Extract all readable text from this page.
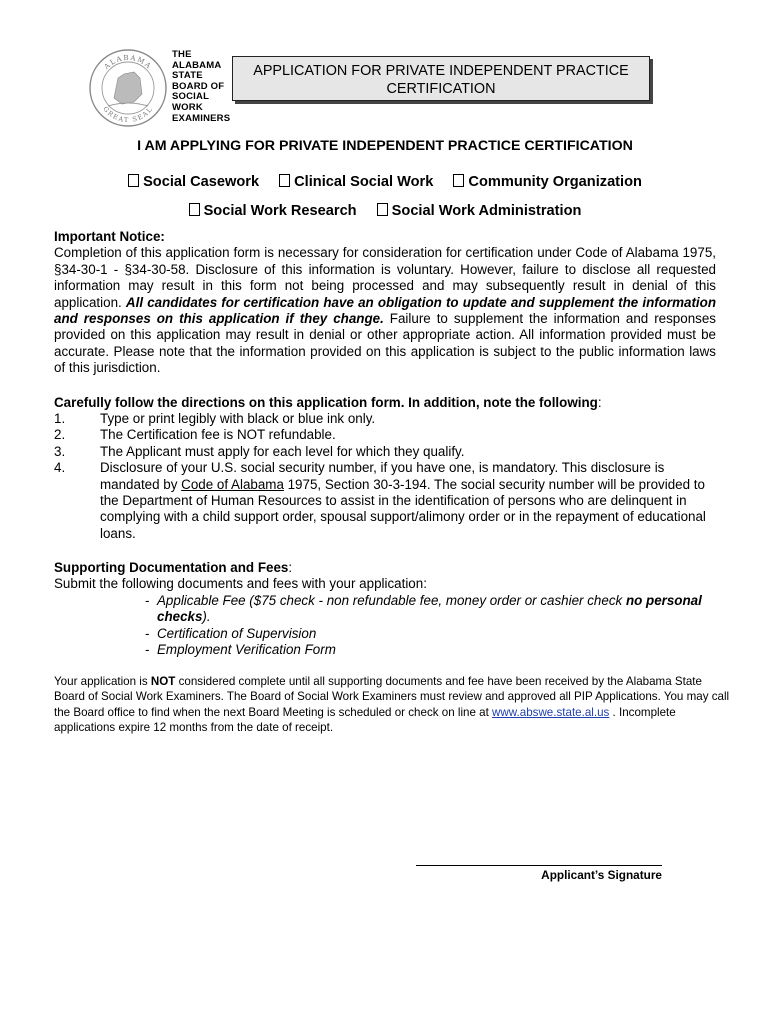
ALABAMA
GREAT SEAL
THE
ALABAMA
STATE
BOARD OF
SOCIAL
WORK
EXAMINERS
APPLICATION FOR PRIVATE INDEPENDENT PRACTICE
CERTIFICATION
I AM APPLYING FOR PRIVATE INDEPENDENT PRACTICE CERTIFICATION
Social Casework Clinical Social Work Community Organization
Social Work Research Social Work Administration
Important Notice:

Completion of this application form is necessary for consideration for certification under Code of Alabama 1975, §34-30-1 - §34-30-58. Disclosure of this information is voluntary. However, failure to disclose all requested information may result in this form not being processed and may subsequently result in denial of this application. All candidates for certification have an obligation to update and supplement the information and responses on this application if they change. Failure to supplement the information and responses provided on this application may result in denial or other appropriate action. All information provided must be accurate. Please note that the information provided on this application is subject to the public information laws of this jurisdiction.

Carefully follow the directions on this application form. In addition, note the following:
1.	Type or print legibly with black or blue ink only.
2.	The Certification fee is NOT refundable.
3.	The Applicant must apply for each level for which they qualify.
4.	Disclosure of your U.S. social security number, if you have one, is mandatory. This disclosure is mandated by Code of Alabama 1975, Section 30-3-194. The social security number will be provided to the Department of Human Resources to assist in the identification of persons who are delinquent in complying with a child support order, spousal support/alimony order or in the repayment of educational loans.
Supporting Documentation and Fees:
Submit the following documents and fees with your application:
- Applicable Fee ($75 check - non refundable fee, money order or cashier check no personal checks).
- Certification of Supervision
- Employment Verification Form
Your application is NOT considered complete until all supporting documents and fee have been received by the Alabama State Board of Social Work Examiners. The Board of Social Work Examiners must review and approved all PIP Applications. You may call the Board office to find when the next Board Meeting is scheduled or check on line at www.abswe.state.al.us . Incomplete applications expire 12 months from the date of receipt.
Applicant’s Signature
